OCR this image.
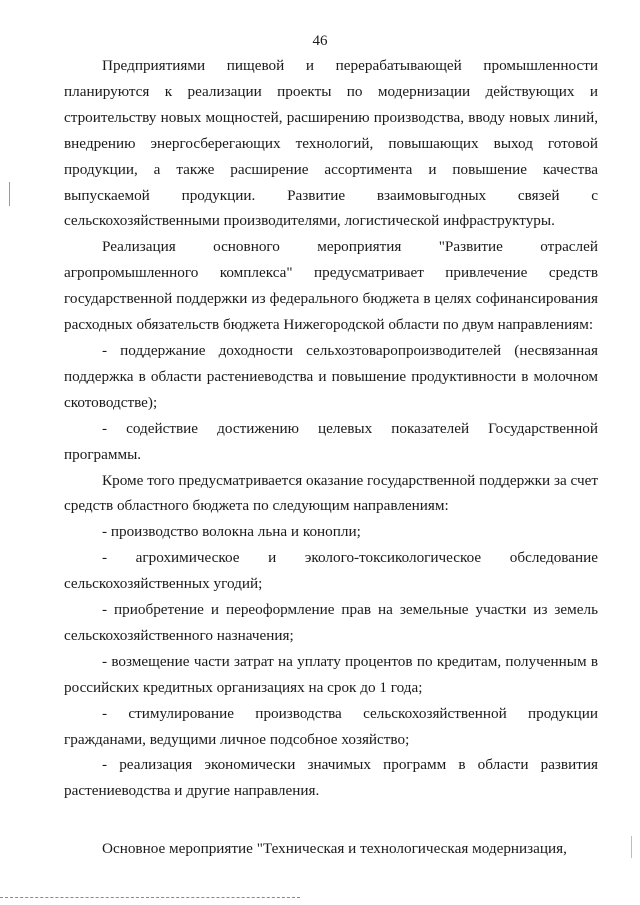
46

Предприятиями пищевой и перерабатывающей промышленности планируются к реализации проекты по модернизации действующих и строительству новых мощностей, расширению производства, вводу новых линий, внедрению энергосберегающих технологий, повышающих выход готовой продукции, а также расширение ассортимента и повышение качества выпускаемой продукции. Развитие взаимовыгодных связей с сельскохозяйственными производителями, логистической инфраструктуры.

Реализация основного мероприятия "Развитие отраслей агропромышленного комплекса" предусматривает привлечение средств государственной поддержки из федерального бюджета в целях софинансирования расходных обязательств бюджета Нижегородской области по двум направлениям:

- поддержание доходности сельхозтоваропроизводителей (несвязанная поддержка в области растениеводства и повышение продуктивности в молочном скотоводстве);

- содействие достижению целевых показателей Государственной программы.

Кроме того предусматривается оказание государственной поддержки за счет средств областного бюджета по следующим направлениям:

- производство волокна льна и конопли;

- агрохимическое и эколого-токсикологическое обследование сельскохозяйственных угодий;

- приобретение и переоформление прав на земельные участки из земель сельскохозяйственного назначения;

- возмещение части затрат на уплату процентов по кредитам, полученным в российских кредитных организациях на срок до 1 года;

- стимулирование производства сельскохозяйственной продукции гражданами, ведущими личное подсобное хозяйство;

- реализация экономически значимых программ в области развития растениеводства и другие направления.

Основное мероприятие "Техническая и технологическая модернизация,
